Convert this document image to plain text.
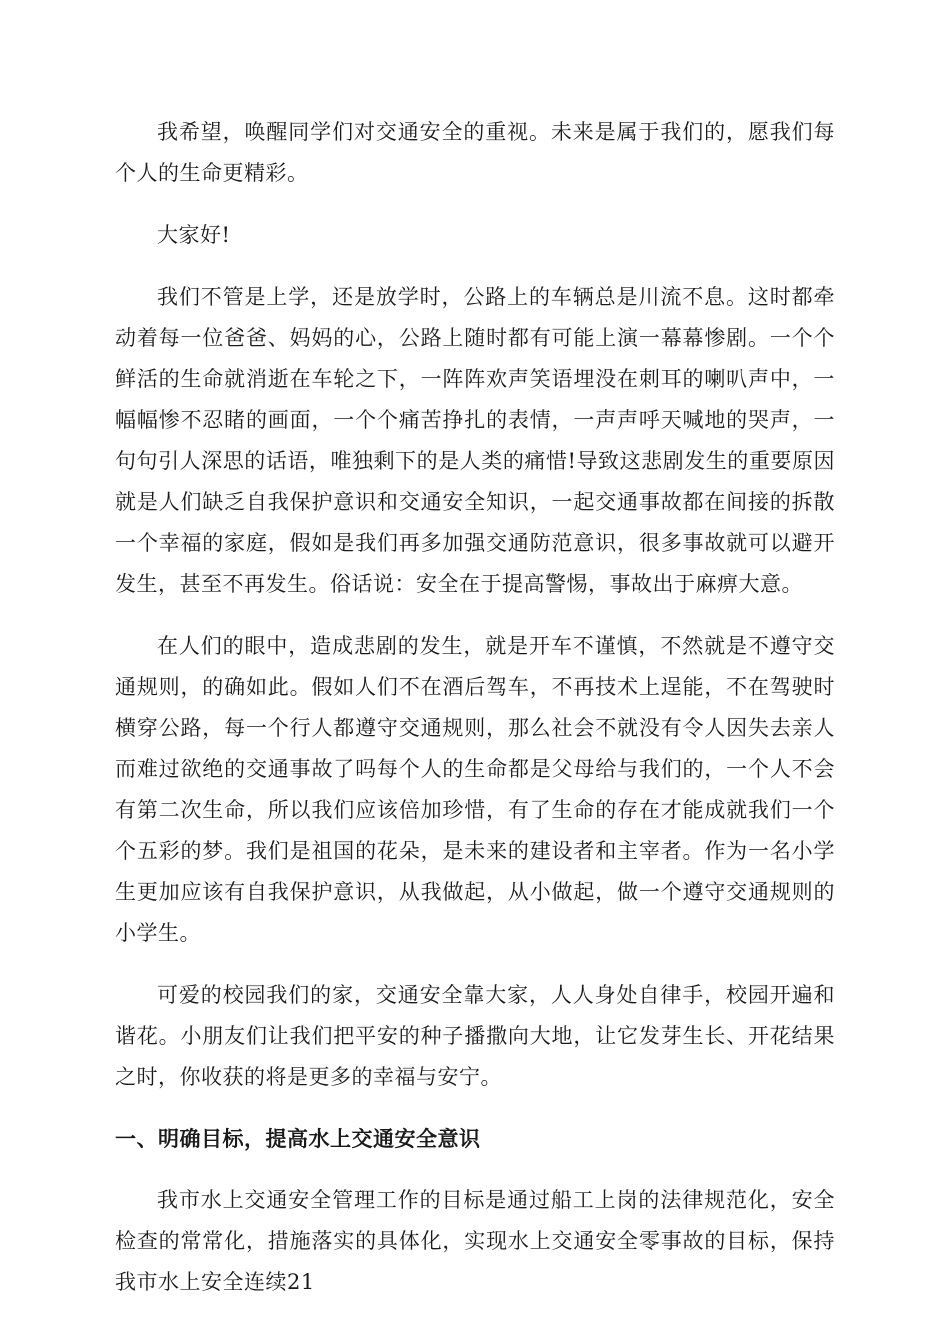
我希望，唤醒同学们对交通安全的重视。未来是属于我们的，愿我们每个人的生命更精彩。

大家好!

我们不管是上学，还是放学时，公路上的车辆总是川流不息。这时都牵动着每一位爸爸、妈妈的心，公路上随时都有可能上演一幕幕惨剧。一个个鲜活的生命就消逝在车轮之下，一阵阵欢声笑语埋没在刺耳的喇叭声中，一幅幅惨不忍睹的画面，一个个痛苦挣扎的表情，一声声呼天喊地的哭声，一句句引人深思的话语，唯独剩下的是人类的痛惜!导致这悲剧发生的重要原因就是人们缺乏自我保护意识和交通安全知识，一起交通事故都在间接的拆散一个幸福的家庭，假如是我们再多加强交通防范意识，很多事故就可以避开发生，甚至不再发生。俗话说：安全在于提高警惕，事故出于麻痹大意。

在人们的眼中，造成悲剧的发生，就是开车不谨慎，不然就是不遵守交通规则，的确如此。假如人们不在酒后驾车，不再技术上逞能，不在驾驶时横穿公路，每一个行人都遵守交通规则，那么社会不就没有令人因失去亲人而难过欲绝的交通事故了吗每个人的生命都是父母给与我们的，一个人不会有第二次生命，所以我们应该倍加珍惜，有了生命的存在才能成就我们一个个五彩的梦。我们是祖国的花朵，是未来的建设者和主宰者。作为一名小学生更加应该有自我保护意识，从我做起，从小做起，做一个遵守交通规则的小学生。

可爱的校园我们的家，交通安全靠大家，人人身处自律手，校园开遍和谐花。小朋友们让我们把平安的种子播撒向大地，让它发芽生长、开花结果之时，你收获的将是更多的幸福与安宁。

一、明确目标，提高水上交通安全意识

我市水上交通安全管理工作的目标是通过船工上岗的法律规范化，安全检查的常常化，措施落实的具体化，实现水上交通安全零事故的目标，保持我市水上安全连续21
